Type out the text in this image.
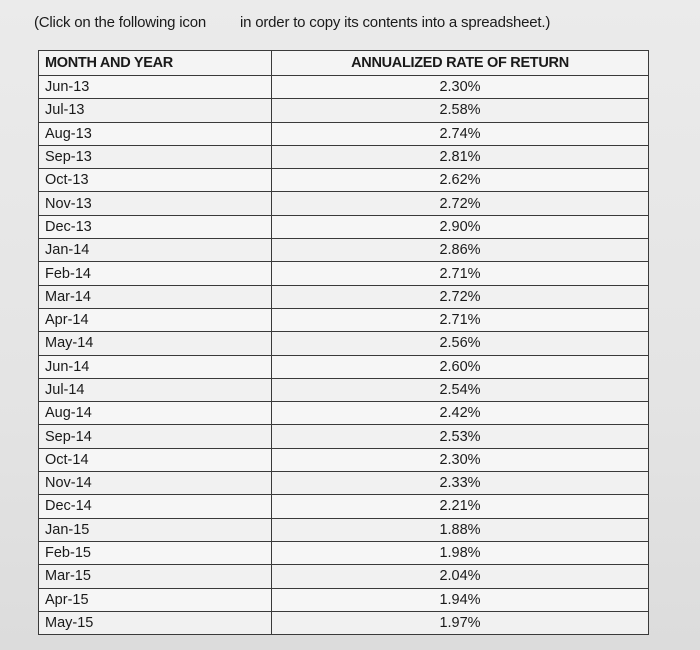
(Click on the following icon in order to copy its contents into a spreadsheet.)
MONTH AND YEAR	ANNUALIZED RATE OF RETURN
Jun-13	2.30%
Jul-13	2.58%
Aug-13	2.74%
Sep-13	2.81%
Oct-13	2.62%
Nov-13	2.72%
Dec-13	2.90%
Jan-14	2.86%
Feb-14	2.71%
Mar-14	2.72%
Apr-14	2.71%
May-14	2.56%
Jun-14	2.60%
Jul-14	2.54%
Aug-14	2.42%
Sep-14	2.53%
Oct-14	2.30%
Nov-14	2.33%
Dec-14	2.21%
Jan-15	1.88%
Feb-15	1.98%
Mar-15	2.04%
Apr-15	1.94%
May-15	1.97%
